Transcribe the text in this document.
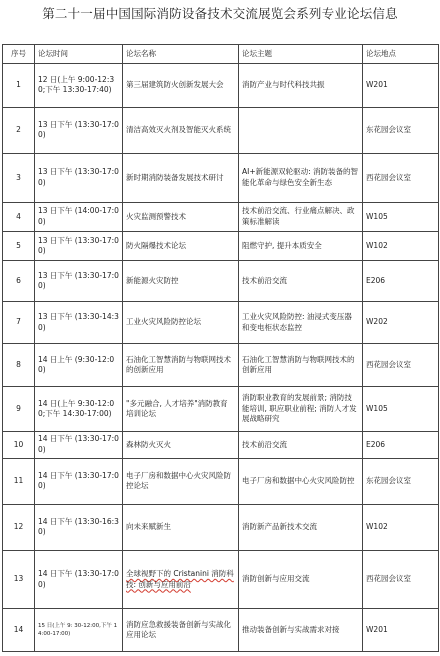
第二十一届中国国际消防设备技术交流展览会系列专业论坛信息
序号	论坛时间	论坛名称	论坛主题	论坛地点
1	12 日(上午 9:00-12:30;下午 13:30-17:40)	第三届建筑防火创新发展大会	消防产业与时代科技共振	W201
2	13 日下午 (13:30-17:00)	清洁高效灭火剂及智能灭火系统		东花园会议室
3	13 日下午 (13:30-17:00)	新时期消防装备发展技术研讨	AI+新能源双轮驱动: 消防装备的智能化革命与绿色安全新生态	西花园会议室
4	13 日下午 (14:00-17:00)	火灾监测预警技术	技术前沿交流、行业痛点解决、政策标准解读	W105
5	13 日下午 (13:30-17:00)	防火隔爆技术论坛	阻燃守护, 提升本质安全	W102
6	13 日下午 (13:30-17:00)	新能源火灾防控	技术前沿交流	E206
7	13 日下午 (13:30-14:30)	工业火灾风险防控论坛	工业火灾风险防控: 油浸式变压器和变电柜状态监控	W202
8	14 日上午 (9:30-12:00)	石油化工智慧消防与物联网技术的创新应用	石油化工智慧消防与物联网技术的创新应用	西花园会议室
9	14 日(上午 9:30-12:00;下午 14:30-17:00)	"多元融合, 人才培养"消防教育培训论坛	消防职业教育的发展前景; 消防技能培训, 职应职业前程; 消防人才发展战略研究	W105
10	14 日下午 (13:30-17:00)	森林防火灭火	技术前沿交流	E206
11	14 日下午 (13:30-17:00)	电子厂房和数据中心火灾风险防控论坛	电子厂房和数据中心火灾风险防控	东花园会议室
12	14 日下午 (13:30-16:30)	向未来赋新生	消防新产品新技术交流	W102
13	14 日下午 (13:30-17:00)	全球视野下的 Cristanini 消防科技: 创新与应用前沿	消防创新与应用交流	西花园会议室
14	15 日(上午 9: 30-12:00,下午 14:00-17:00)	消防应急救援装备创新与实战化应用论坛	推动装备创新与实战需求对接	W201
